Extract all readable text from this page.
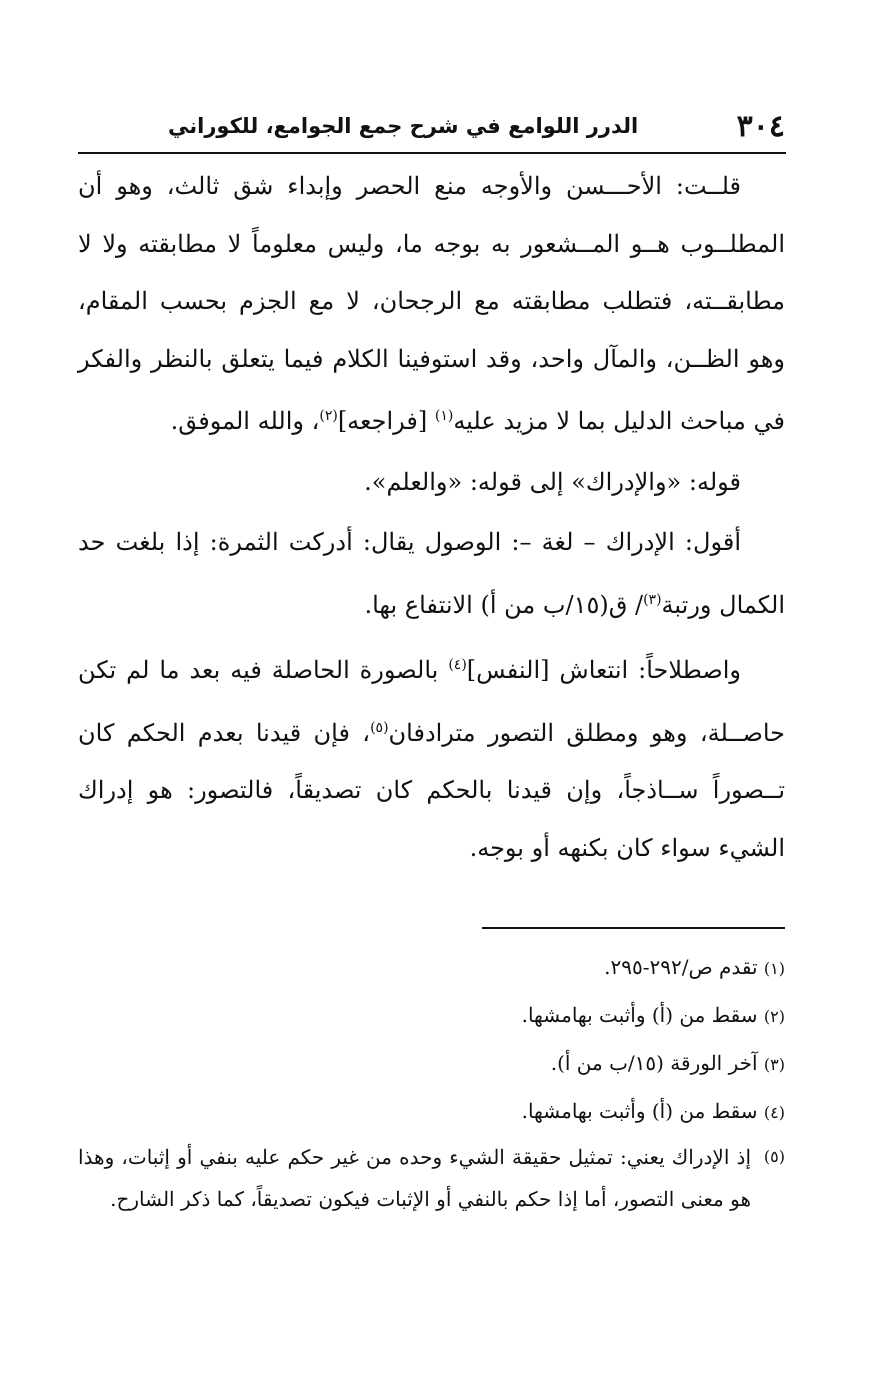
٣٠٤
الدرر اللوامع في شرح جمع الجوامع، للكوراني

قلــت: الأحـــسن والأوجه منع الحصر وإبداء شق ثالث، وهو أن المطلــوب هــو المــشعور به بوجه ما، وليس معلوماً لا مطابقته ولا لا مطابقــته، فتطلب مطابقته مع الرجحان، لا مع الجزم بحسب المقام، وهو الظــن، والمآل واحد، وقد استوفينا الكلام فيما يتعلق بالنظر والفكر في مباحث الدليل بما لا مزيد عليه$^{(١)}$ [فراجعه]$^{(٢)}$، والله الموفق.

قوله: «والإدراك» إلى قوله: «والعلم».

أقول: الإدراك – لغة –: الوصول يقال: أدركت الثمرة: إذا بلغت حد الكمال ورتبة$^{(٣)}$/ ق(١٥/ب من أ) الانتفاع بها.

واصطلاحاً: انتعاش [النفس]$^{(٤)}$ بالصورة الحاصلة فيه بعد ما لم تكن حاصــلة، وهو ومطلق التصور مترادفان$^{(٥)}$، فإن قيدنا بعدم الحكم كان تــصوراً ســاذجاً، وإن قيدنا بالحكم كان تصديقاً، فالتصور: هو إدراك الشيء سواء كان بكنهه أو بوجه.

(١) تقدم ص/٢٩٢-٢٩٥.

(٢) سقط من (أ) وأثبت بهامشها.

(٣) آخر الورقة (١٥/ب من أ).

(٤) سقط من (أ) وأثبت بهامشها.

(٥)
إذ الإدراك يعني: تمثيل حقيقة الشيء وحده من غير حكم عليه بنفي أو إثبات، وهذا هو معنى التصور، أما إذا حكم بالنفي أو الإثبات فيكون تصديقاً، كما ذكر الشارح.
